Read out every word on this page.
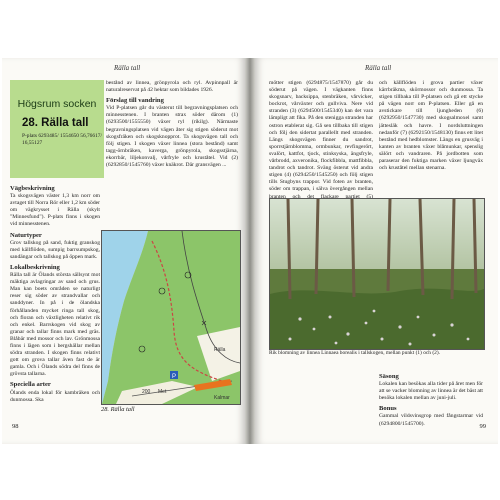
Rälla tall
Högsrum socken
28. Rälla tall
P-plats 6293485/ 1554650 56,76617/ 16,55127
Vägbeskrivning

Ta skogsvägen väster 1,3 km norr om avtaget till Norra Rör eller 1,2 km söder om vägkrysset i Rälla (skylt "Minnesfund"). P-plats finns i skogen vid minnesstenen.

Naturtyper

Grov tallskog på sand, fuktig granskog med källflöden, sumpig barrsumpskog, sandängar och tallskog på öppen mark.

Lokalbeskrivning

Rälla tall är Ölands största sällsynt mot mäktiga avlagringar av sand och grus. Man kan boets områden se naturligt reser sig söder av strandvallar och sanddyner. In på i de ölandska förhållanden mycket ringa tall skog, och floran och växtligheten relativt rik och enkel. Barrskogen vid skog av granar och tallar finns mark med gräs. Blåbär med mossor och lav. Grönmossa finns i lägen som i bergshällar mellan södra stranden. I skogen finns relativt gott om grova tallar även fast de är gamla. Och i Ölands södra del finns de grövsta tallarna.

Speciella arter

Ölands enda lokal för kambräken och dunmossa. Ska

bestånd av linnea, grönpyrola och ryl. Avpinnpall är naturalreservat på 42 hektar som bildades 1926.

Förslag till vandring

Vid P-platsen går du västerut till begravningsplatsen och minnesstenen. I branten strax söder därom (1) (6293500/1555550) växer ryl (rikilg). Närmaste begravningsplatsen vid vägen åter sig stigen söderut mot skogsfräken och skogsknopprot. Ta skogsvägen tall och följ stigen. I skogen växer linnea (stora bestånd) samt tagg-örnbräken, kaverga, grönpyrola, skogsstjärna, ekorrbär, liljekonvalj, vårfryle och kruståtel. Vid (2) (6292850/1545760) växer knäkrot. Där gransvägen ...

P
Rälla
200 Met
Kalmar
28. Rälla tall
98
Rälla tall

mötter stigen (6294875/1547870) går du söderut på vägen. I vägkanten finns skogsnarv, backsippa, stenbräken, vårvicker, bockrot, vårväxter och gullviva. Nere vid stranden (3) (6294500/1545340) kan det vara lämpligt att fika. På den stenigga stranden har ostron etablerat sig. Gå sen tillbaka till stigen och följ den sidertat parallellt med stranden. Längs skogsvägen finner du sandrot, sporrstjärnblomma, ormbunkar, revfingerört, svalört, kattfot, tjock, stinksyska, ängsfryle, vårbrodd, axveronika, flockfibbla, mattfibbla, tandrot och tandrot. Sväng österut vid andra stigen (4) (6294250/1545250) och följ stigen tills Stugbyns trappor. Vid foten av branten, söder om trappan, i sälva övergången mellan branten och det flackare partiet (5)

och källflöden i grova partier växer kärrbräkma, skörmossor och dunmossa. Ta stigen tillbaka till P-platsen och gå ett stycke på vägen norr om P-platsen. Eller gå en avstickare till ljungheden (6) (6292950/1547730) med skogsalmoxel samt jättesläk och havre. I nordsluttningen nedanför (7) (6292150/1548130) finns ett litet bestånd med hedblomster. Längs en grusväg i kanten av branten växer blåmunkar, spenslig sälört och vandraren. På jordbotten som paraserar den fuktiga marken växer ljungväx och kruståtel mellan stenarna.

Rik blomning av linnea Linnaea borealis i tallskogen, mellan punkt (1) och (2).
Säsong

Lokalen kan besökas alla tider på året men för att se vacker blomning av linnea är det bäst att besöka lokalen mellan av juni-juli.

Bonus

Gammal vildsvinsgrop med fångstarmar vid (6294800/1545700).	99
